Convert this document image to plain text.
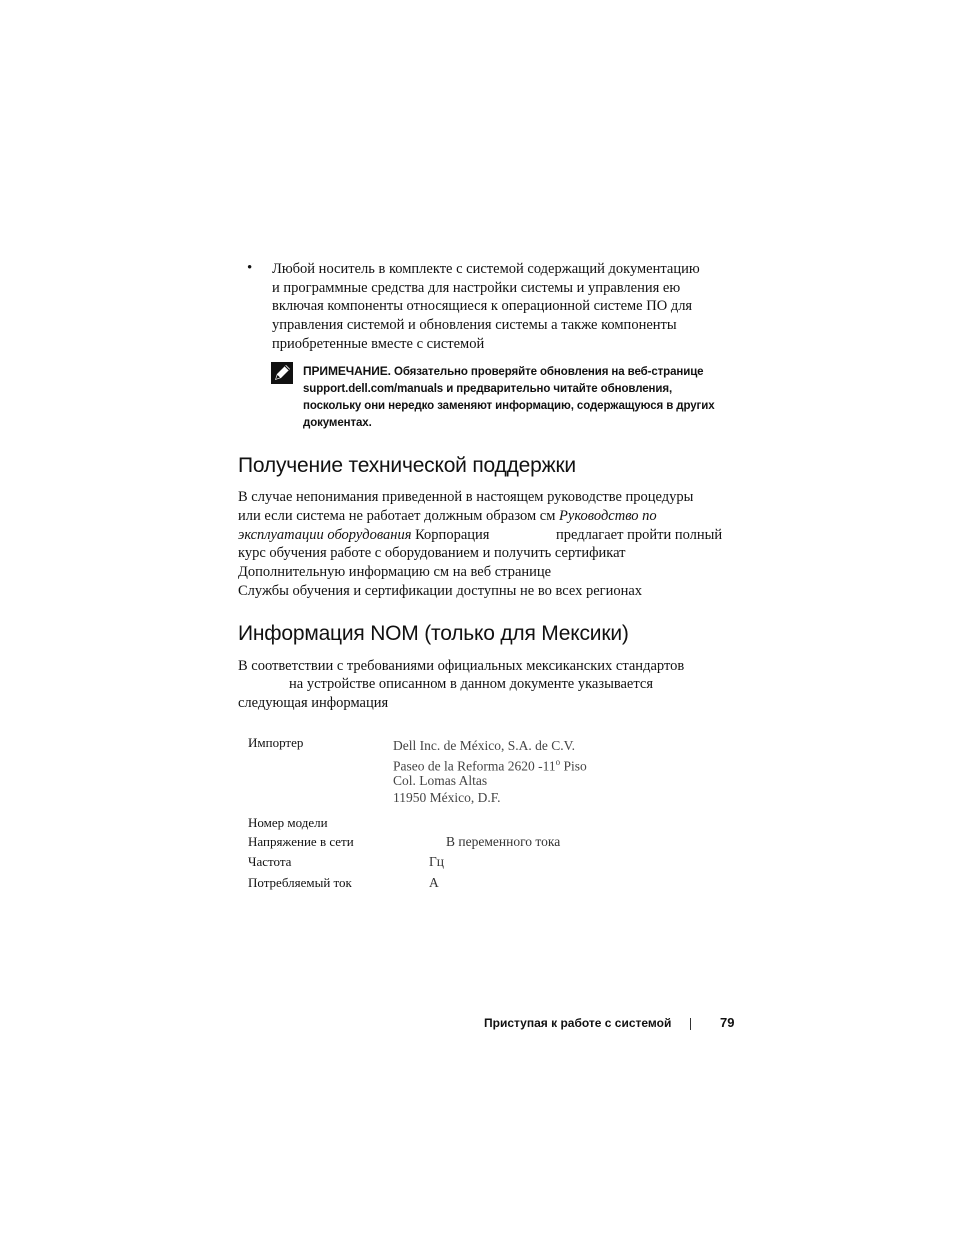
• Любой носитель в комплекте с системой содержащий документацию
и программные средства для настройки системы и управления ею
включая компоненты относящиеся к операционной системе ПО для
управления системой и обновления системы а также компоненты
приобретенные вместе с системой
ПРИМЕЧАНИЕ. Обязательно проверяйте обновления на веб-странице
support.dell.com/manuals и предварительно читайте обновления,
поскольку они нередко заменяют информацию, содержащуюся в других
документах.
Получение технической поддержки
В случае непонимания приведенной в настоящем руководстве процедуры
или если система не работает должным образом см Руководство по
эксплуатации оборудования Корпорация	предлагает пройти полный
курс обучения работе с оборудованием и получить сертификат
Дополнительную информацию см на веб странице
Службы обучения и сертификации доступны не во всех регионах
Информация NOM (только для Мексики)
В соответствии с требованиями официальных мексиканских стандартов
на устройстве описанном в данном документе указывается
следующая информация
Импортер	Dell Inc. de México, S.A. de C.V.
Paseo de la Reforma 2620 -11$^o$ Piso
Col. Lomas Altas
11950 México, D.F.
Номер модели
Напряжение в сети	В переменного тока
Частота	Гц
Потребляемый ток	А
Приступая к работе с системой	79
